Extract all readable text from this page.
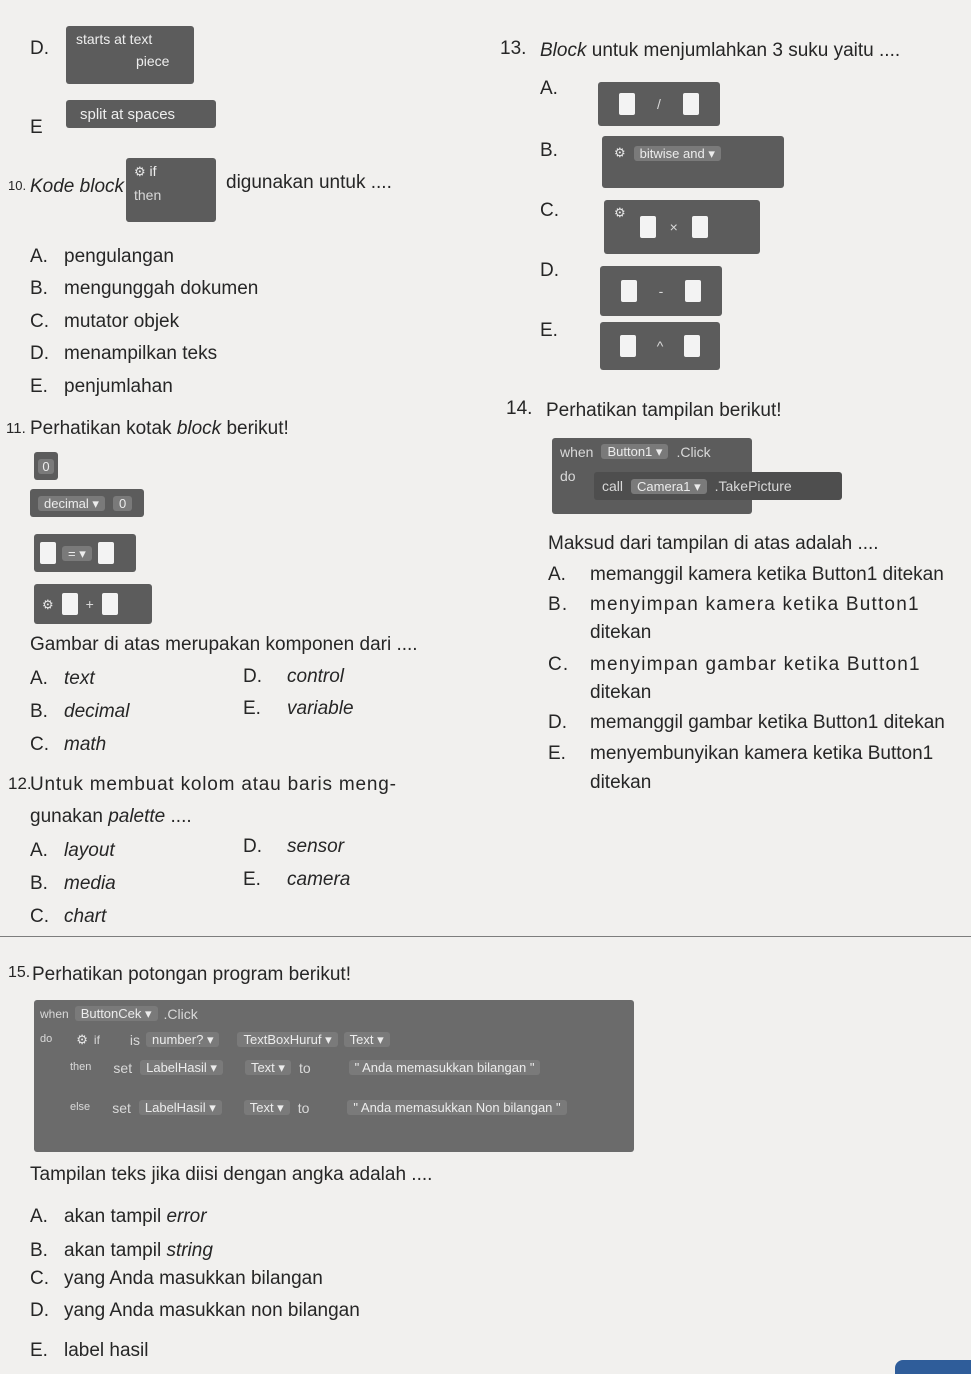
D. starts at text
piece
E
split at spaces
10. Kode block
⚙ if
then
digunakan untuk ....
A. pengulangan
B. mengunggah dokumen
C. mutator objek
D. menampilkan teks
E. penjumlahan
11. Perhatikan kotak block berikut!
0
decimal ▾	0
= ▾
⚙ +
Gambar di atas merupakan komponen dari ....
A. text
B. decimal
C. math
D. control
E. variable
12.
Untuk membuat kolom atau baris meng-
gunakan palette ....
A. layout
B. media
C. chart
D. sensor
E. camera
13. Block untuk menjumlahkan 3 suku yaitu ....
A.
/
B.	⚙	bitwise and ▾
C.	⚙
×
D.
-
E.
^
14. Perhatikan tampilan berikut!
when	Button1 ▾	.Click
do
call	Camera1 ▾	.TakePicture
Maksud dari tampilan di atas adalah ....
A. memanggil kamera ketika Button1 ditekan
B. menyimpan kamera ketika Button1
ditekan
C. menyimpan gambar ketika Button1
ditekan
D. memanggil gambar ketika Button1 ditekan
E. menyembunyikan kamera ketika Button1
ditekan
15. Perhatikan potongan program berikut!
when ButtonCek ▾ .Click
do ⚙ if is number? ▾	TextBoxHuruf ▾	Text ▾
then set	LabelHasil ▾	Text ▾	to	" Anda memasukkan bilangan "
else set	LabelHasil ▾	Text ▾	to	" Anda memasukkan Non bilangan "
Tampilan teks jika diisi dengan angka adalah ....
A. akan tampil error
B. akan tampil string
C. yang Anda masukkan bilangan
D. yang Anda masukkan non bilangan
E. label hasil
